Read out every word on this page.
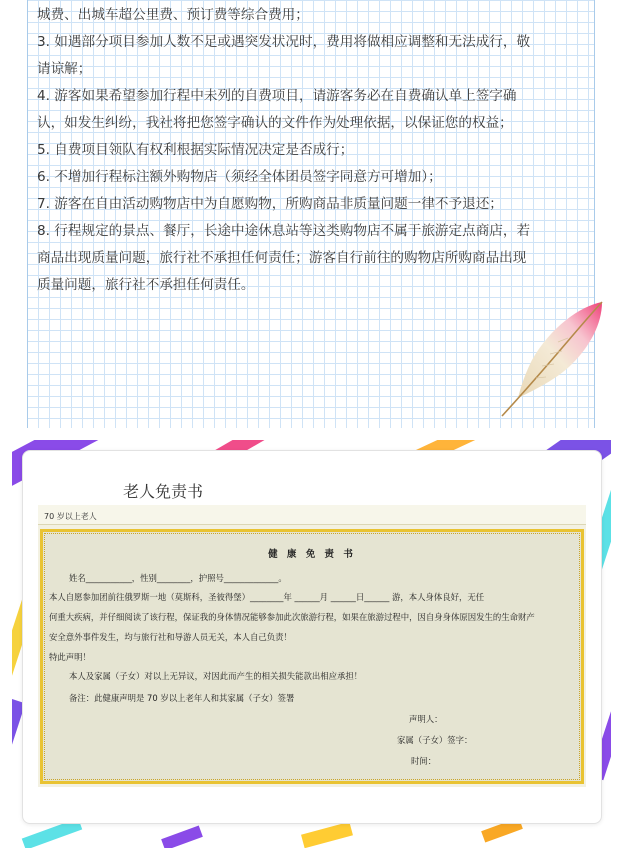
城费、出城车超公里费、预订费等综合费用；

3. 如遇部分项目参加人数不足或遇突发状况时，费用将做相应调整和无法成行，敬

请谅解；

4. 游客如果希望参加行程中未列的自费项目，请游客务必在自费确认单上签字确

认，如发生纠纷，我社将把您签字确认的文件作为处理依据，以保证您的权益；

5. 自费项目领队有权利根据实际情况决定是否成行；

6. 不增加行程标注额外购物店（须经全体团员签字同意方可增加）；

7. 游客在自由活动购物店中为自愿购物，所购商品非质量问题一律不予退还；

8. 行程规定的景点、餐厅，长途中途休息站等这类购物店不属于旅游定点商店，若

商品出现质量问题，旅行社不承担任何责任；游客自行前往的购物店所购商品出现

质量问题，旅行社不承担任何责任。

老人免责书
70 岁以上老人
健 康 免 责 书
姓名___________，性别________，护照号_____________。
本人自愿参加团前往俄罗斯一地（莫斯科，圣彼得堡）________年 ______月 ______日______ 游，本人身体良好，无任
何重大疾病，并仔细阅读了该行程，保证我的身体情况能够参加此次旅游行程，如果在旅游过程中，因自身身体原因发生的生命财产
安全意外事件发生，均与旅行社和导游人员无关，本人自己负责！
特此声明！
本人及家属（子女）对以上无异议，对因此而产生的相关损失能款出相应承担！
备注：此健康声明是 70 岁以上老年人和其家属（子女）签署
声明人：
家属（子女）签字：
时间：
